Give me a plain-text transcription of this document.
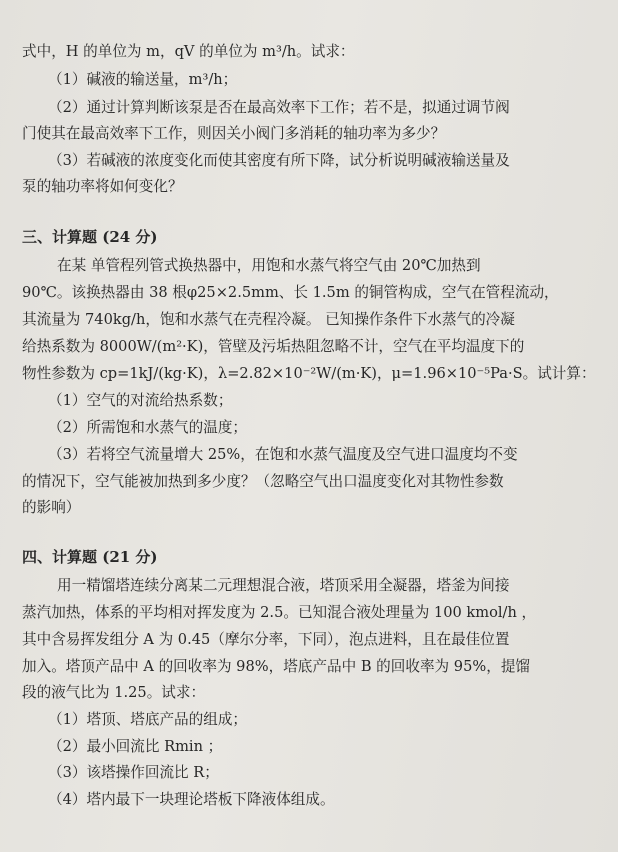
式中，H 的单位为 m，qV 的单位为 m³/h。试求：
（1）碱液的输送量，m³/h；
（2）通过计算判断该泵是否在最高效率下工作；若不是，拟通过调节阀
门使其在最高效率下工作，则因关小阀门多消耗的轴功率为多少？
（3）若碱液的浓度变化而使其密度有所下降，试分析说明碱液输送量及
泵的轴功率将如何变化？
三、计算题 (24 分)
在某 单管程列管式换热器中，用饱和水蒸气将空气由 20℃加热到
90℃。该换热器由 38 根φ25×2.5mm、长 1.5m 的铜管构成，空气在管程流动，
其流量为 740kg/h，饱和水蒸气在壳程冷凝。 已知操作条件下水蒸气的冷凝
给热系数为 8000W/(m²·K)，管壁及污垢热阻忽略不计，空气在平均温度下的
物性参数为 cp=1kJ/(kg·K)，λ=2.82×10⁻²W/(m·K)，μ=1.96×10⁻⁵Pa·S。试计算：
（1）空气的对流给热系数；
（2）所需饱和水蒸气的温度；
（3）若将空气流量增大 25%，在饱和水蒸气温度及空气进口温度均不变
的情况下，空气能被加热到多少度？（忽略空气出口温度变化对其物性参数
的影响）
四、计算题 (21 分)
用一精馏塔连续分离某二元理想混合液，塔顶采用全凝器，塔釜为间接
蒸汽加热，体系的平均相对挥发度为 2.5。已知混合液处理量为 100 kmol/h ，
其中含易挥发组分 A 为 0.45（摩尔分率，下同），泡点进料，且在最佳位置
加入。塔顶产品中 A 的回收率为 98%，塔底产品中 B 的回收率为 95%，提馏
段的液气比为 1.25。试求：
（1）塔顶、塔底产品的组成；
（2）最小回流比 Rmin ；
（3）该塔操作回流比 R；
（4）塔内最下一块理论塔板下降液体组成。
